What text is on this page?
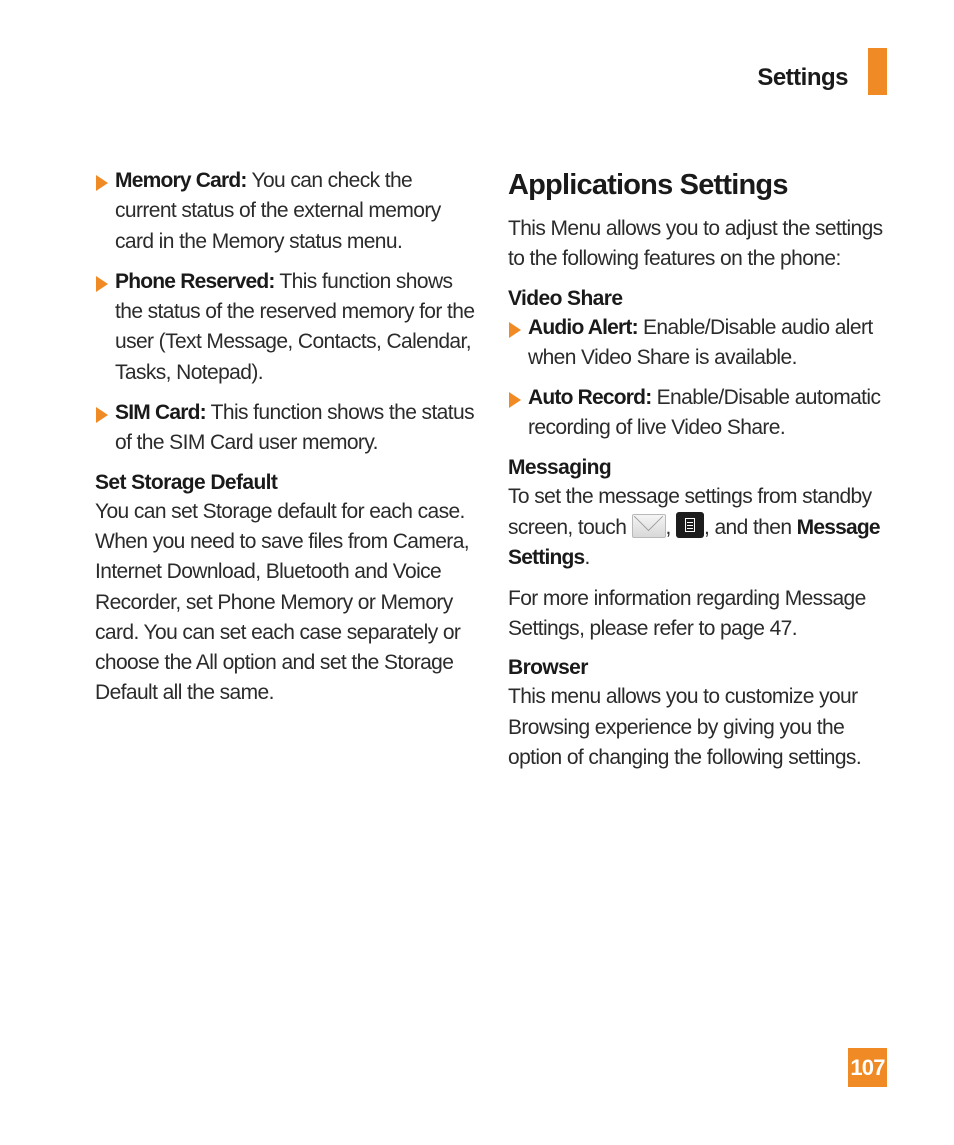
Settings

Memory Card: You can check the current status of the external memory card in the Memory status menu.

Phone Reserved: This function shows the status of the reserved memory for the user (Text Message, Contacts, Calendar, Tasks, Notepad).

SIM Card: This function shows the status of the SIM Card user memory.

Set Storage Default

You can set Storage default for each case. When you need to save files from Camera, Internet Download, Bluetooth and Voice Recorder, set Phone Memory or Memory card. You can set each case separately or choose the All option and set the Storage Default all the same.

Applications Settings

This Menu allows you to adjust the settings to the following features on the phone:

Video Share

Audio Alert: Enable/Disable audio alert when Video Share is available.

Auto Record: Enable/Disable automatic recording of live Video Share.

Messaging

To set the message settings from standby screen, touch , , and then Message Settings.

For more information regarding Message Settings, please refer to page 47.

Browser

This menu allows you to customize your Browsing experience by giving you the option of changing the following settings.

107
